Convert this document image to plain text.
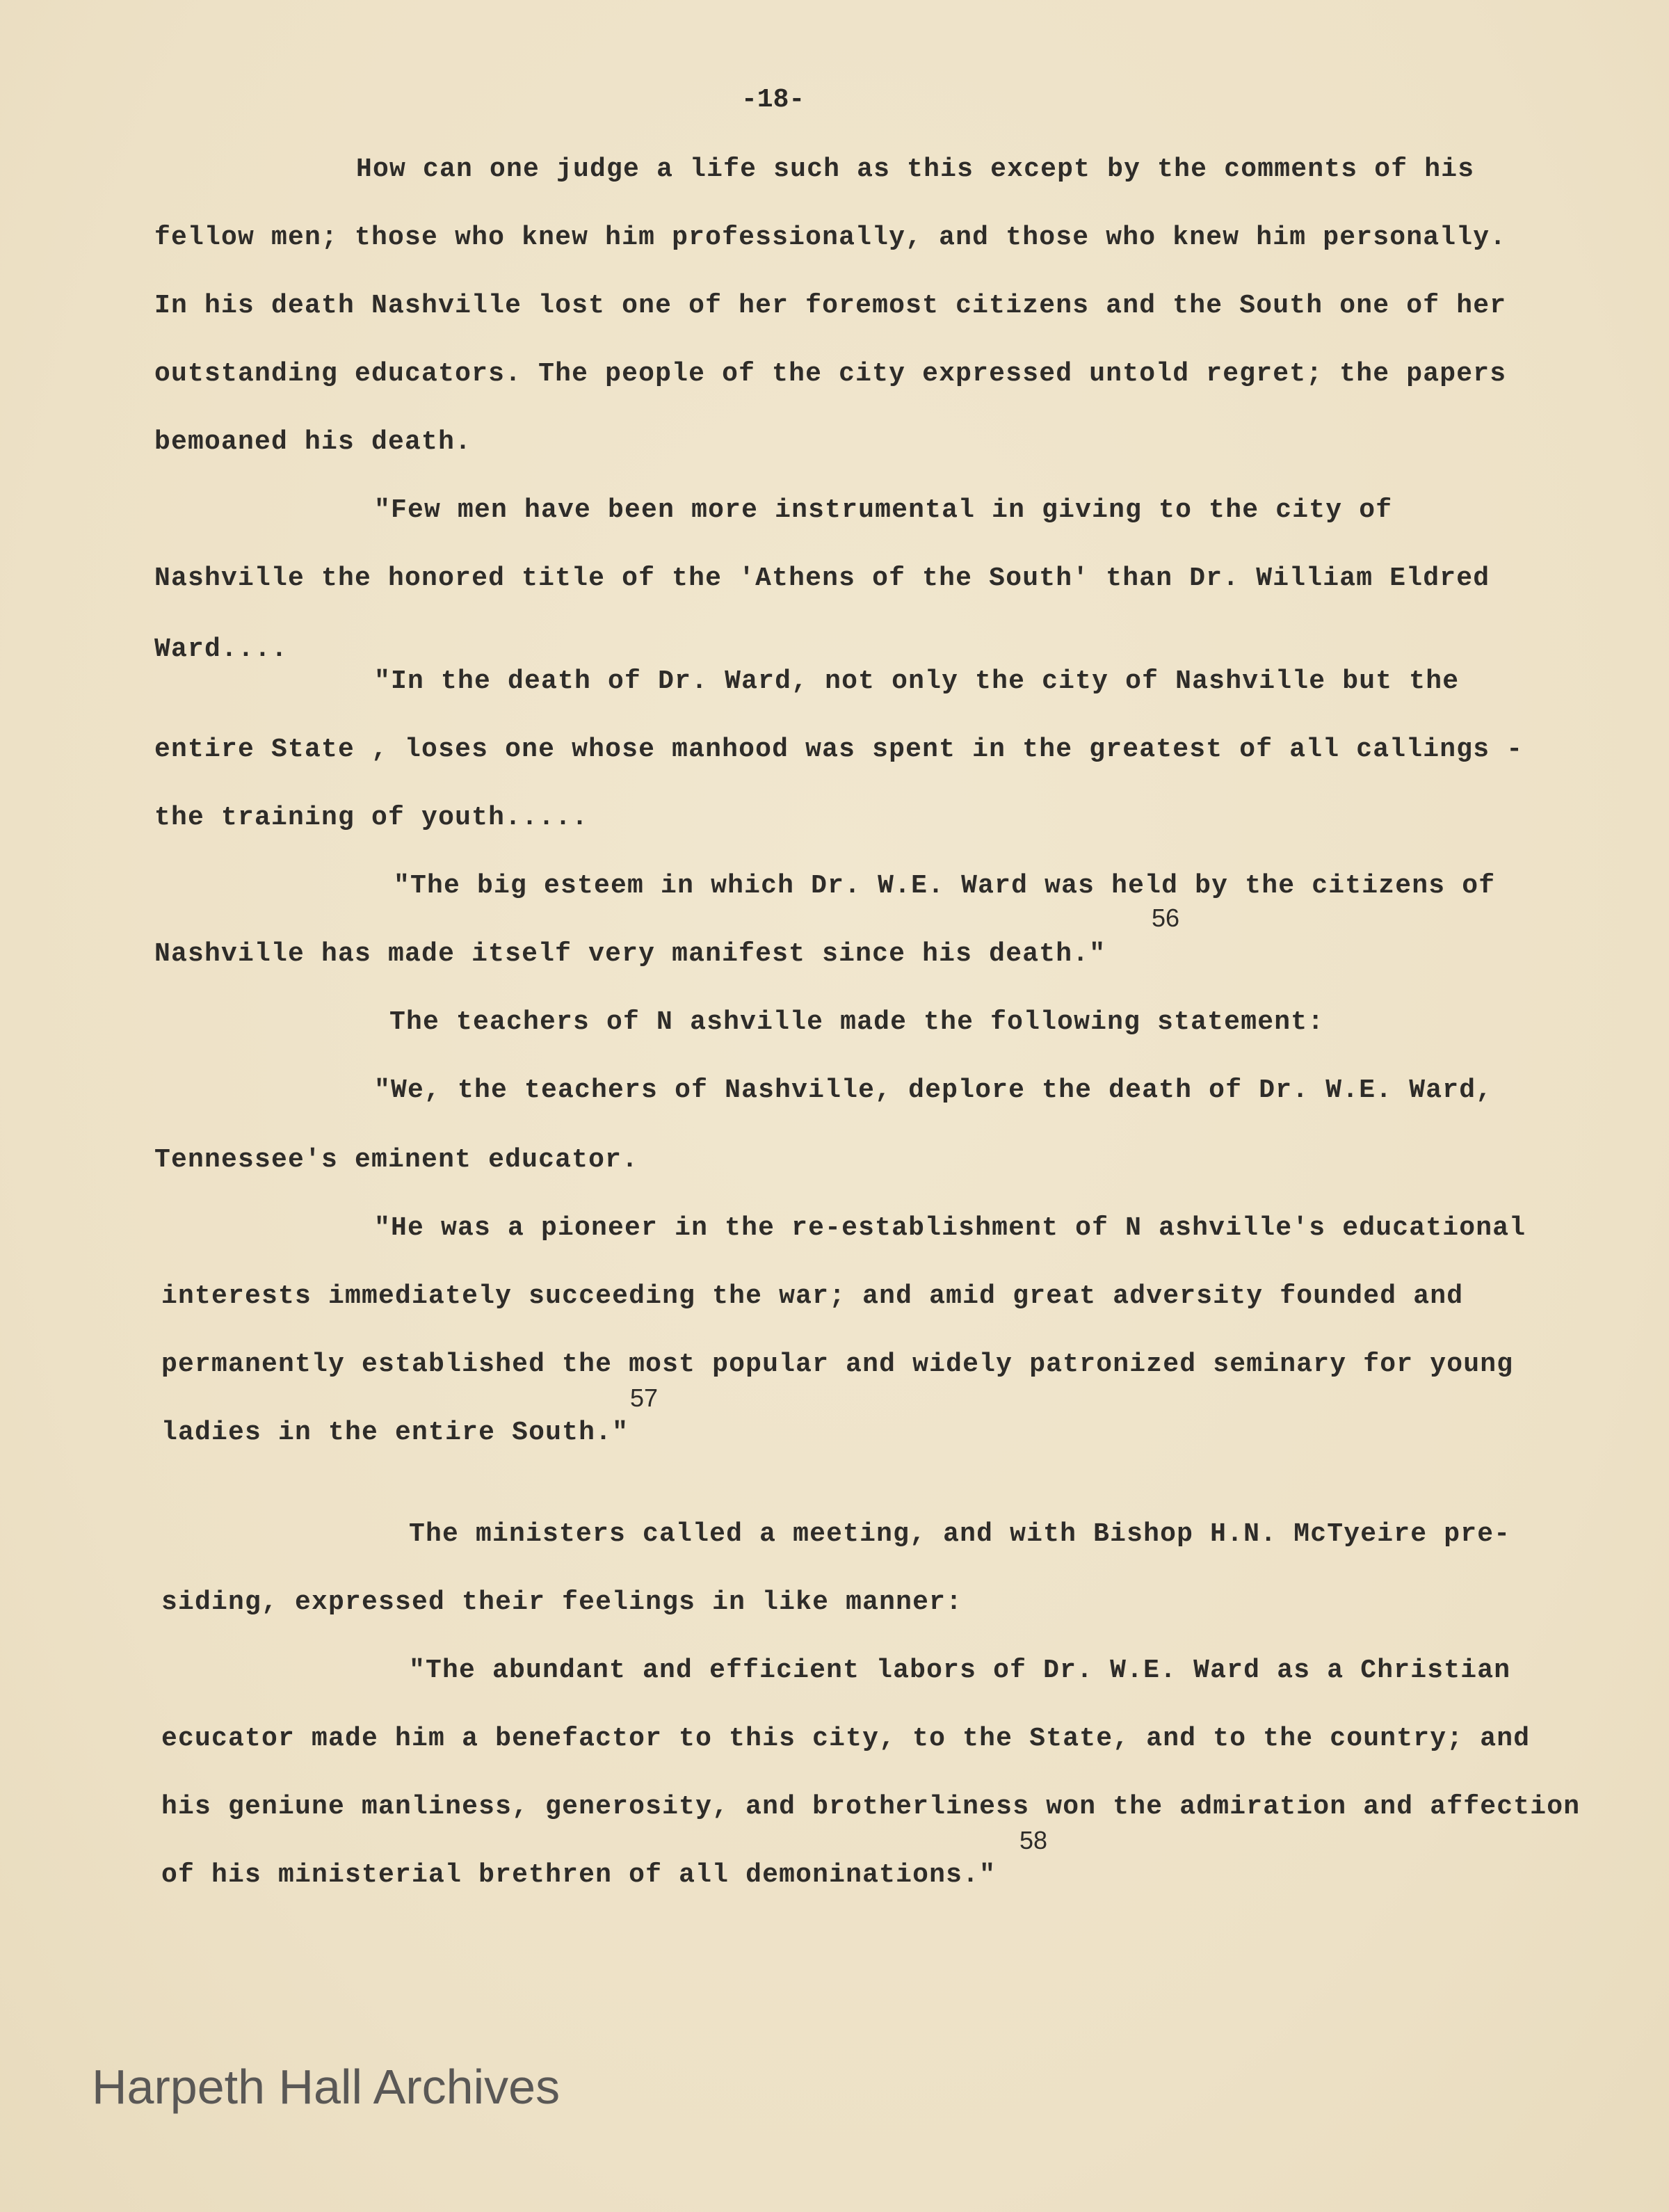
-18-
How can one judge a life such as this except by the comments of his
fellow men; those who knew him professionally, and those who knew him personally.
In his death Nashville lost one of her foremost citizens and the South one of her
outstanding educators. The people of the city expressed untold regret; the papers
bemoaned his death.
"Few men have been more instrumental in giving to the city of
Nashville the honored title of the 'Athens of the South' than Dr. William Eldred
Ward....
"In the death of Dr. Ward, not only the city of Nashville but the
entire State , loses one whose manhood was spent in the greatest of all callings -
the training of youth.....
"The big esteem in which Dr. W.E. Ward was held by the citizens of
56
Nashville has made itself very manifest since his death."
The teachers of N ashville made the following statement:
"We, the teachers of Nashville, deplore the death of Dr. W.E. Ward,
Tennessee's eminent educator.
"He was a pioneer in the re-establishment of N ashville's educational
interests immediately succeeding the war; and amid great adversity founded and
permanently established the most popular and widely patronized seminary for young
57
ladies in the entire South."
The ministers called a meeting, and with Bishop H.N. McTyeire pre-
siding, expressed their feelings in like manner:
"The abundant and efficient labors of Dr. W.E. Ward as a Christian
ecucator made him a benefactor to this city, to the State, and to the country; and
his geniune manliness, generosity, and brotherliness won the admiration and affection
58
of his ministerial brethren of all demoninations."
Harpeth Hall Archives
